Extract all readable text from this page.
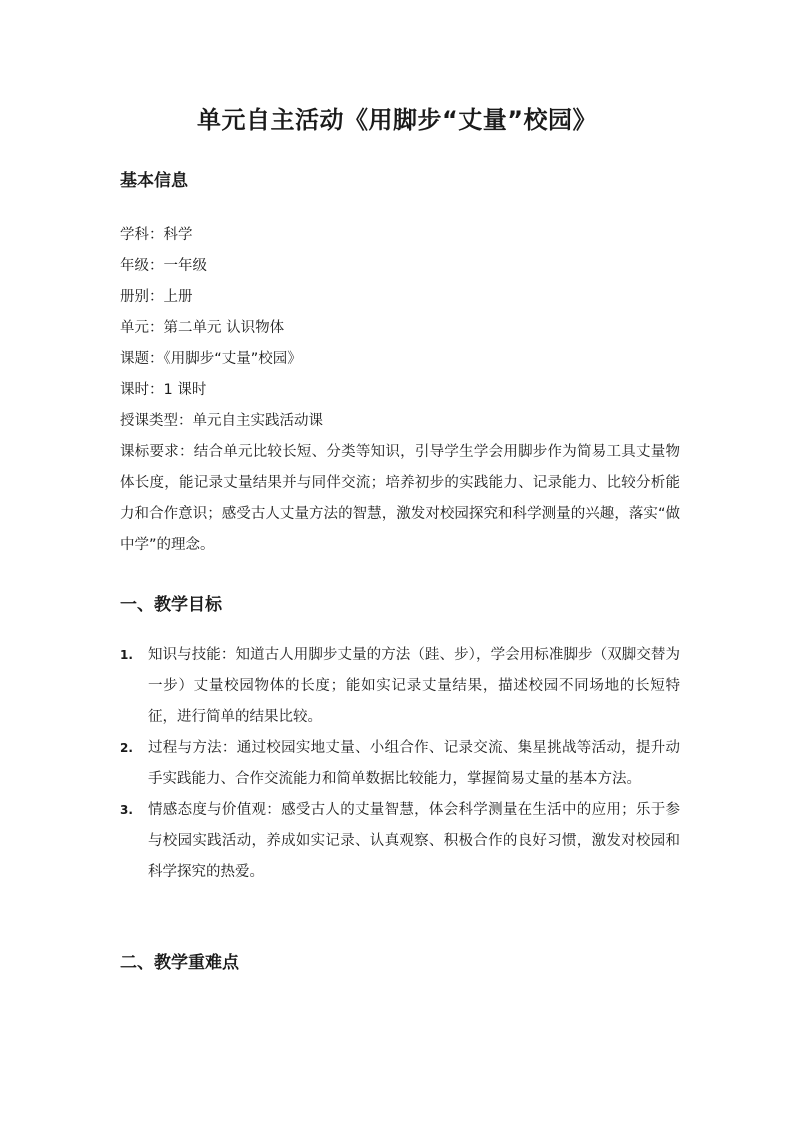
单元自主活动《用脚步“丈量”校园》
基本信息
学科：科学
年级：一年级
册别：上册
单元：第二单元 认识物体
课题：《用脚步“丈量”校园》
课时：1 课时
授课类型：单元自主实践活动课
课标要求：结合单元比较长短、分类等知识，引导学生学会用脚步作为简易工具丈量物体长度，能记录丈量结果并与同伴交流；培养初步的实践能力、记录能力、比较分析能力和合作意识；感受古人丈量方法的智慧，激发对校园探究和科学测量的兴趣，落实“做中学”的理念。
一、教学目标
1. 知识与技能：知道古人用脚步丈量的方法（跬、步），学会用标准脚步（双脚交替为一步）丈量校园物体的长度；能如实记录丈量结果，描述校园不同场地的长短特征，进行简单的结果比较。
2. 过程与方法：通过校园实地丈量、小组合作、记录交流、集星挑战等活动，提升动手实践能力、合作交流能力和简单数据比较能力，掌握简易丈量的基本方法。
3. 情感态度与价值观：感受古人的丈量智慧，体会科学测量在生活中的应用；乐于参与校园实践活动，养成如实记录、认真观察、积极合作的良好习惯，激发对校园和科学探究的热爱。
二、教学重难点
